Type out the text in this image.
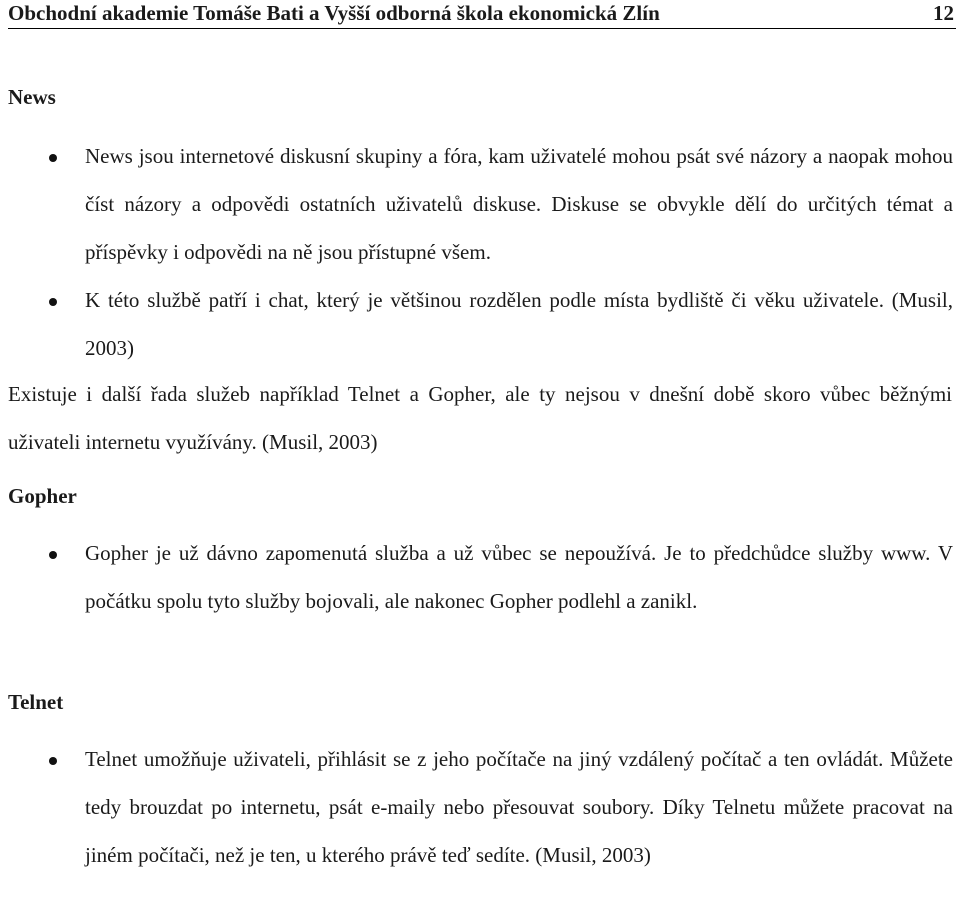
Obchodní akademie Tomáše Bati a Vyšší odborná škola ekonomická Zlín	12
News

News jsou internetové diskusní skupiny a fóra, kam uživatelé mohou psát své názory a naopak mohou číst názory a odpovědi ostatních uživatelů diskuse. Diskuse se obvykle dělí do určitých témat a příspěvky i odpovědi na ně jsou přístupné všem.

K této službě patří i chat, který je většinou rozdělen podle místa bydliště či věku uživatele. (Musil, 2003)

Existuje i další řada služeb například Telnet a Gopher, ale ty nejsou v dnešní době skoro vůbec běžnými uživateli internetu využívány. (Musil, 2003)

Gopher

Gopher je už dávno zapomenutá služba a už vůbec se nepoužívá. Je to předchůdce služby www. V počátku spolu tyto služby bojovali, ale nakonec Gopher podlehl a zanikl.

Telnet

Telnet umožňuje uživateli, přihlásit se z jeho počítače na jiný vzdálený počítač a ten ovládát. Můžete tedy brouzdat po internetu, psát e-maily nebo přesouvat soubory. Díky Telnetu můžete pracovat na jiném počítači, než je ten, u kterého právě teď sedíte. (Musil, 2003)
